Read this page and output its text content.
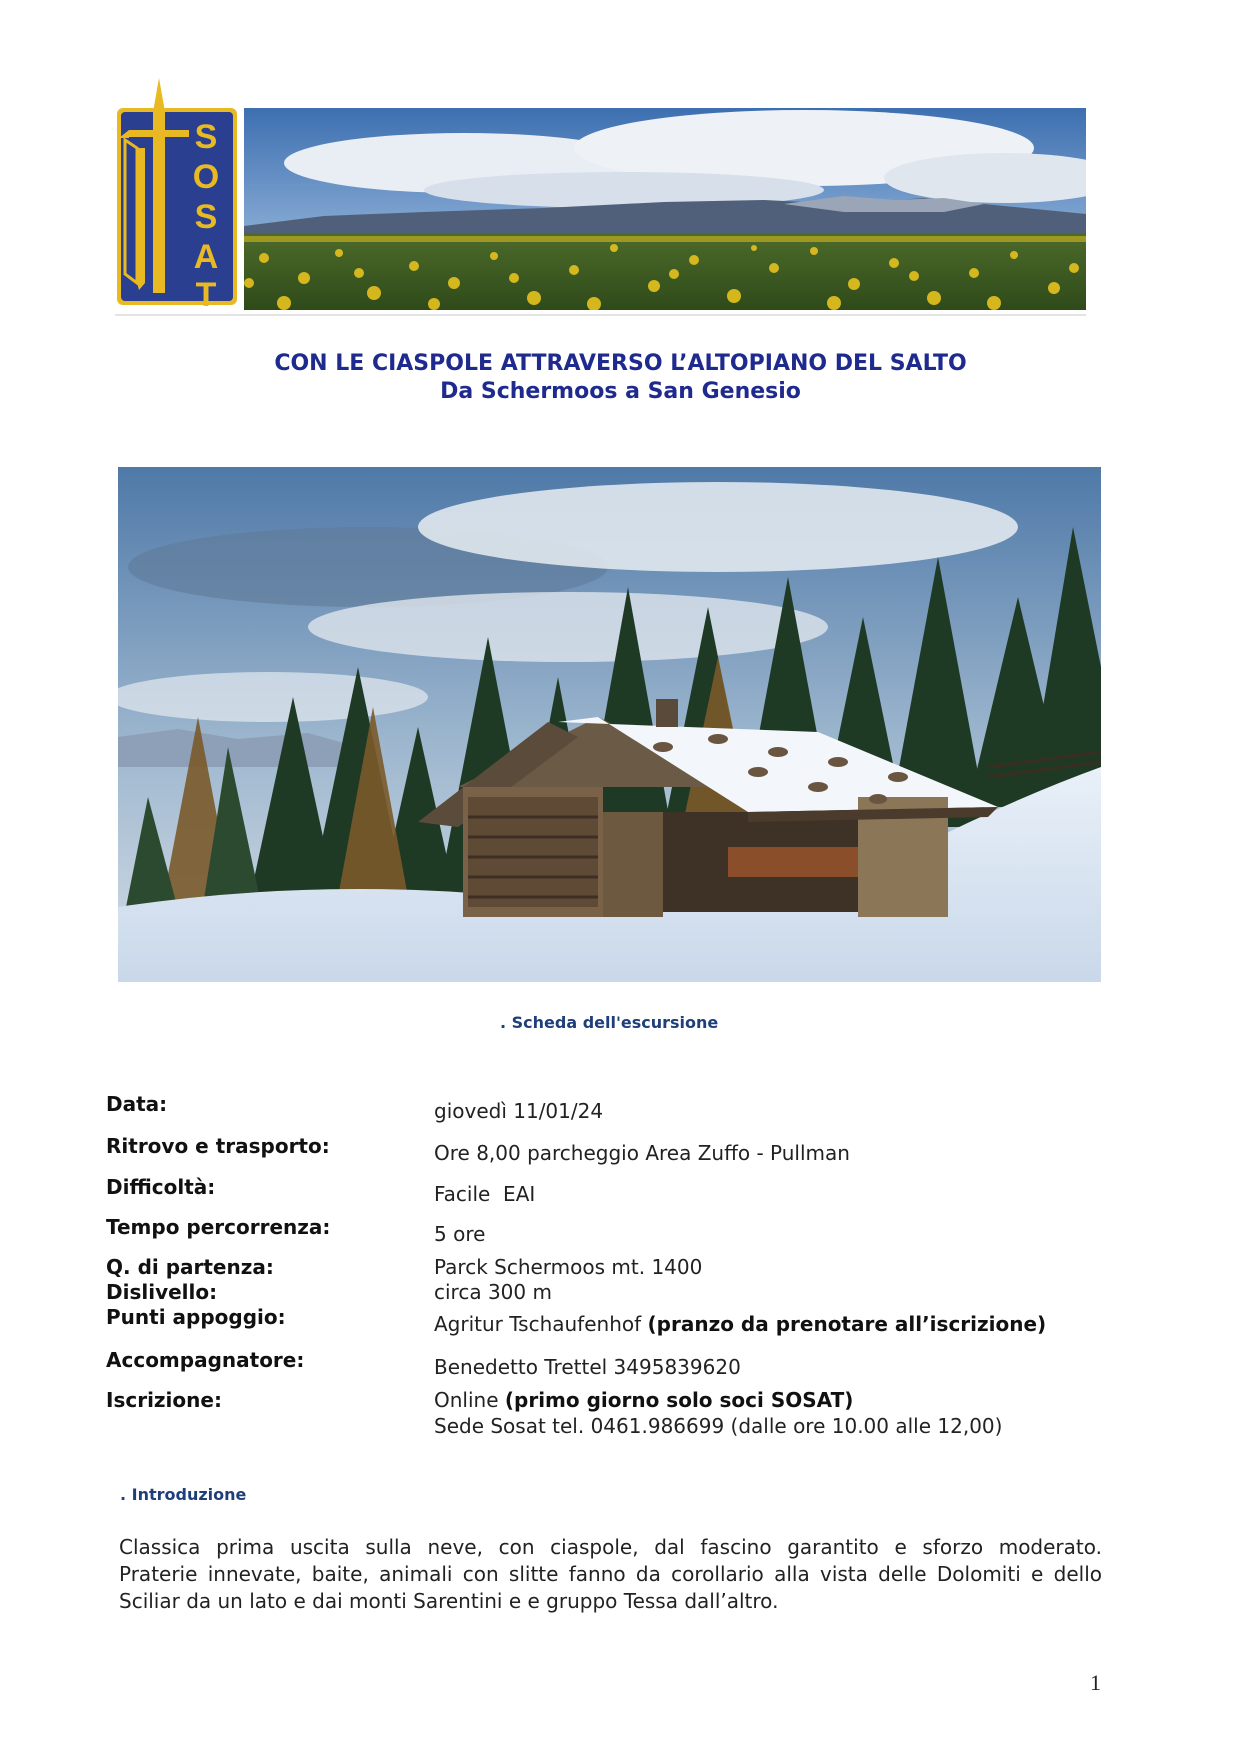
S
O
S
A
T
CON LE CIASPOLE ATTRAVERSO L’ALTOPIANO DEL SALTO
Da Schermoos a San Genesio
. Scheda dell'escursione
Data:	giovedì 11/01/24
Ritrovo e trasporto:	Ore 8,00 parcheggio Area Zuffo - Pullman
Difficoltà:	Facile  EAI
Tempo percorrenza:	5 ore
Q. di partenza:	Parck Schermoos mt. 1400
Dislivello:	circa 300 m
Punti appoggio:	Agritur Tschaufenhof (pranzo da prenotare all’iscrizione)
Accompagnatore:	Benedetto Trettel 3495839620
Iscrizione:	Online (primo giorno solo soci SOSAT)
Sede Sosat tel. 0461.986699 (dalle ore 10.00 alle 12,00)
. Introduzione
Classica prima uscita sulla neve, con ciaspole, dal fascino garantito e sforzo moderato.
Praterie innevate, baite, animali con slitte fanno da corollario alla vista delle Dolomiti e dello
Sciliar da un lato e dai monti Sarentini e e gruppo Tessa dall’altro.
1
